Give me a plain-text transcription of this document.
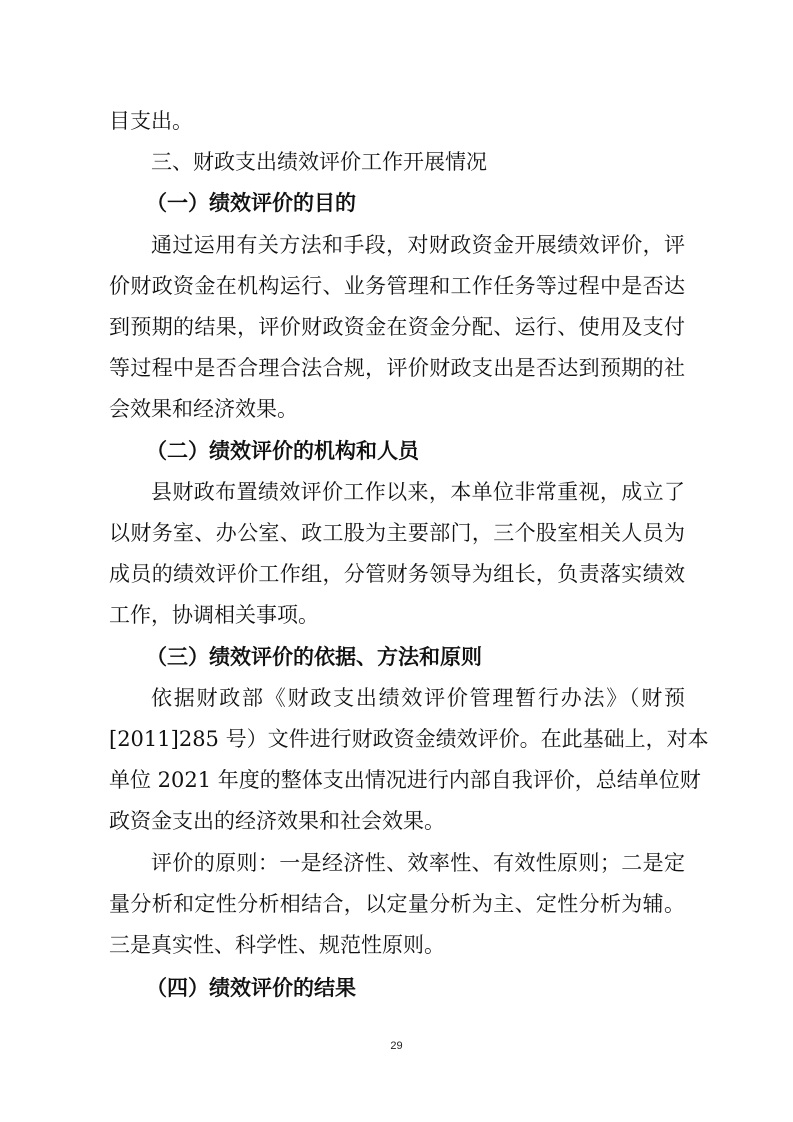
目支出。

三、财政支出绩效评价工作开展情况

（一）绩效评价的目的

通过运用有关方法和手段，对财政资金开展绩效评价，评

价财政资金在机构运行、业务管理和工作任务等过程中是否达

到预期的结果，评价财政资金在资金分配、运行、使用及支付

等过程中是否合理合法合规，评价财政支出是否达到预期的社

会效果和经济效果。

（二）绩效评价的机构和人员

县财政布置绩效评价工作以来，本单位非常重视，成立了

以财务室、办公室、政工股为主要部门，三个股室相关人员为

成员的绩效评价工作组，分管财务领导为组长，负责落实绩效

工作，协调相关事项。

（三）绩效评价的依据、方法和原则

依据财政部《财政支出绩效评价管理暂行办法》（财预

[2011]285 号）文件进行财政资金绩效评价。在此基础上，对本

单位 2021 年度的整体支出情况进行内部自我评价，总结单位财

政资金支出的经济效果和社会效果。

评价的原则：一是经济性、效率性、有效性原则；二是定

量分析和定性分析相结合，以定量分析为主、定性分析为辅。

三是真实性、科学性、规范性原则。

（四）绩效评价的结果

29
